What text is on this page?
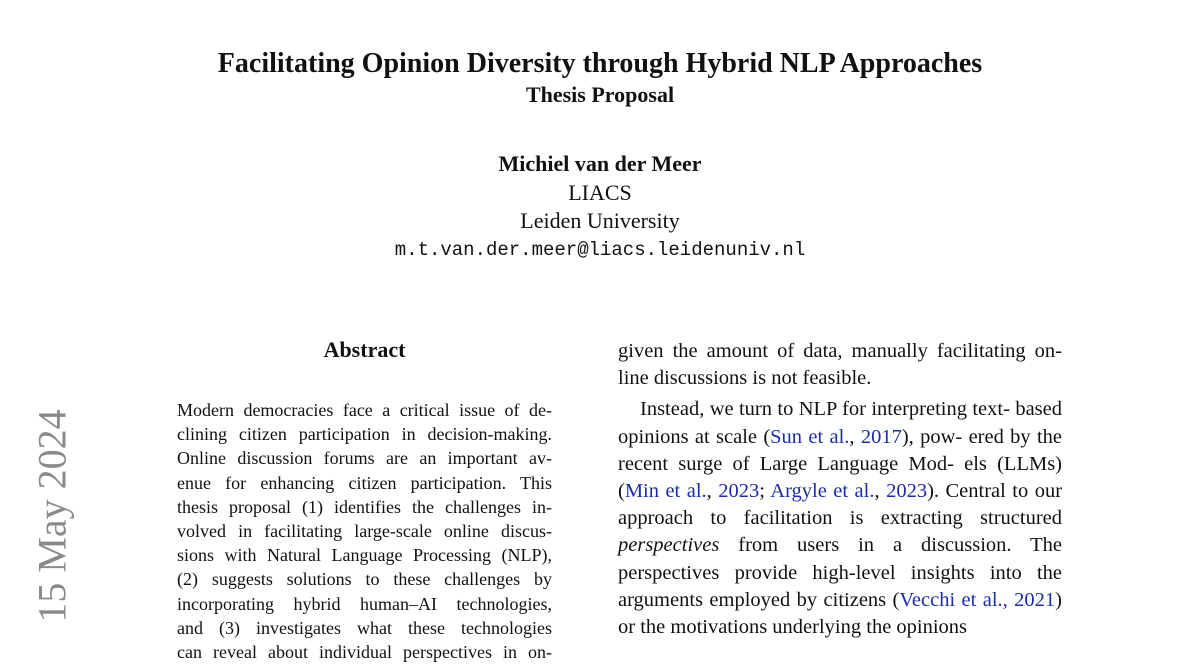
Facilitating Opinion Diversity through Hybrid NLP Approaches
Thesis Proposal
Michiel van der Meer
LIACS
Leiden University
m.t.van.der.meer@liacs.leidenuniv.nl
15 May 2024
Abstract
Modern democracies face a critical issue of de-
clining citizen participation in decision-making.
Online discussion forums are an important av-
enue for enhancing citizen participation. This
thesis proposal (1) identifies the challenges in-
volved in facilitating large-scale online discus-
sions with Natural Language Processing (NLP),
(2) suggests solutions to these challenges by
incorporating hybrid human–AI technologies,
and (3) investigates what these technologies
can reveal about individual perspectives in on-

given the amount of data, manually facilitating on-
line discussions is not feasible.

Instead, we turn to NLP for interpreting text- based opinions at scale (Sun et al., 2017), pow- ered by the recent surge of Large Language Mod- els (LLMs) (Min et al., 2023; Argyle et al., 2023). Central to our approach to facilitation is extracting structured perspectives from users in a discussion. The perspectives provide high-level insights into the arguments employed by citizens (Vecchi et al., 2021) or the motivations underlying the opinions
